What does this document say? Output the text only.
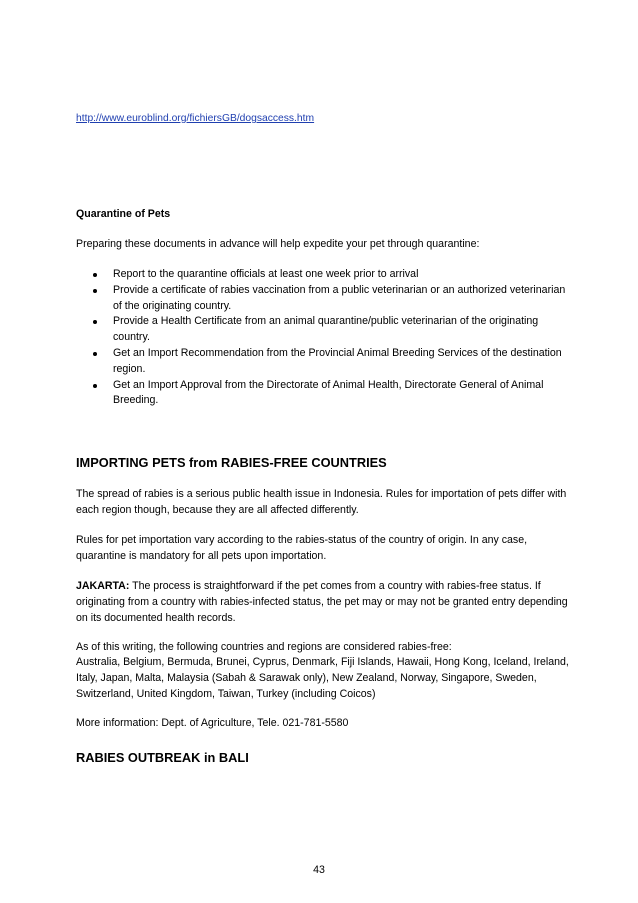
http://www.euroblind.org/fichiersGB/dogsaccess.htm
Quarantine of Pets

Preparing these documents in advance will help expedite your pet through quarantine:

Report to the quarantine officials at least one week prior to arrival
Provide a certificate of rabies vaccination from a public veterinarian or an authorized veterinarian of the originating country.
Provide a Health Certificate from an animal quarantine/public veterinarian of the originating country.
Get an Import Recommendation from the Provincial Animal Breeding Services of the destination region.
Get an Import Approval from the Directorate of Animal Health, Directorate General of Animal Breeding.
IMPORTING PETS from RABIES-FREE COUNTRIES

The spread of rabies is a serious public health issue in Indonesia. Rules for importation of pets differ with each region though, because they are all affected differently.

Rules for pet importation vary according to the rabies-status of the country of origin. In any case, quarantine is mandatory for all pets upon importation.

JAKARTA: The process is straightforward if the pet comes from a country with rabies-free status. If originating from a country with rabies-infected status, the pet may or may not be granted entry depending on its documented health records.

As of this writing, the following countries and regions are considered rabies-free:

Australia, Belgium, Bermuda, Brunei, Cyprus, Denmark, Fiji Islands, Hawaii, Hong Kong, Iceland, Ireland, Italy, Japan, Malta, Malaysia (Sabah & Sarawak only), New Zealand, Norway, Singapore, Sweden, Switzerland, United Kingdom, Taiwan, Turkey (including Coicos)

More information: Dept. of Agriculture, Tele. 021-781-5580

RABIES OUTBREAK in BALI
43
